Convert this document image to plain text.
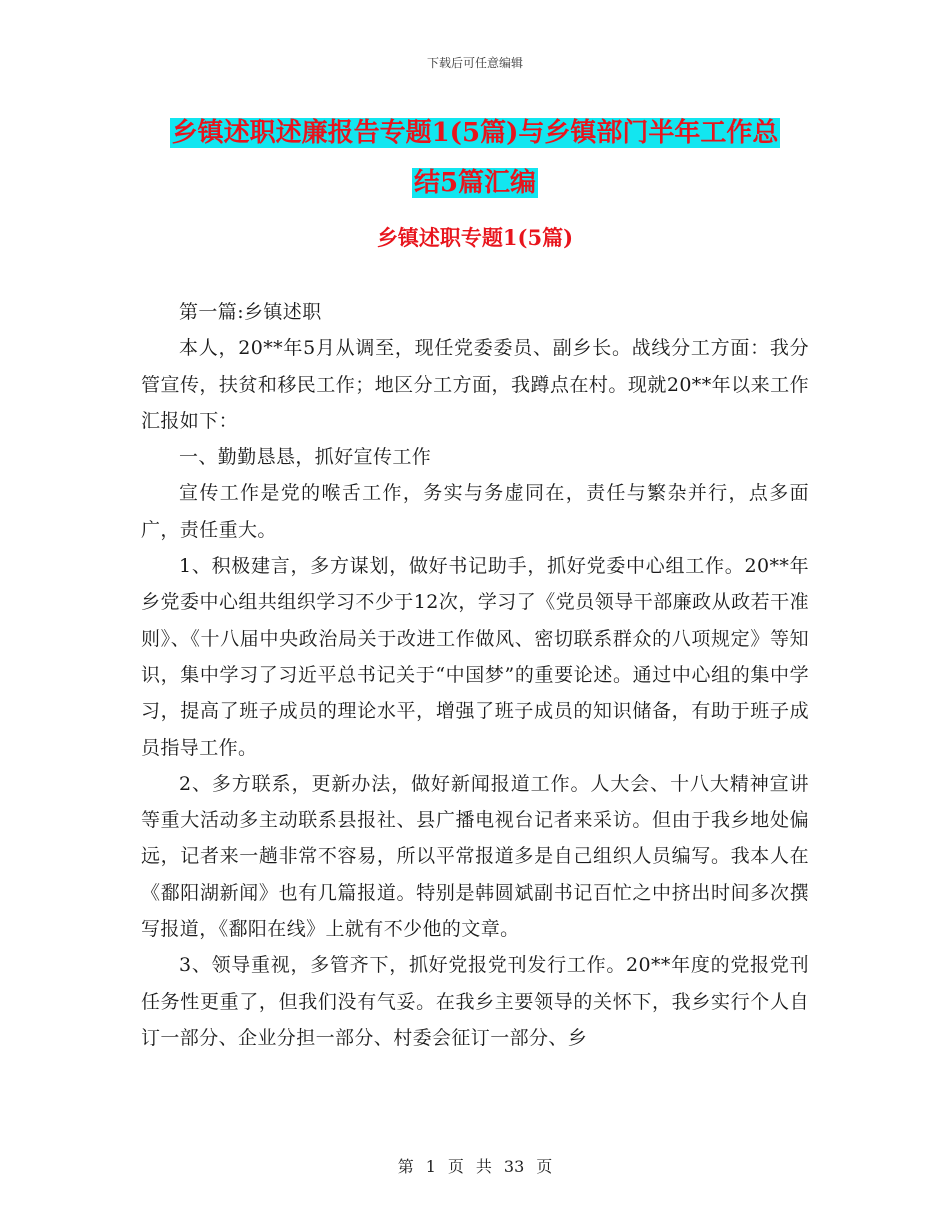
下载后可任意编辑
乡镇述职述廉报告专题1(5篇)与乡镇部门半年工作总
结5篇汇编
乡镇述职专题1(5篇)

第一篇:乡镇述职

本人，20**年5月从调至，现任党委委员、副乡长。战线分工方面：我分管宣传，扶贫和移民工作；地区分工方面，我蹲点在村。现就20**年以来工作汇报如下：

一、勤勤恳恳，抓好宣传工作

宣传工作是党的喉舌工作，务实与务虚同在，责任与繁杂并行，点多面广，责任重大。

1、积极建言，多方谋划，做好书记助手，抓好党委中心组工作。20**年乡党委中心组共组织学习不少于12次，学习了《党员领导干部廉政从政若干准则》、《十八届中央政治局关于改进工作做风、密切联系群众的八项规定》等知识，集中学习了习近平总书记关于“中国梦”的重要论述。通过中心组的集中学习，提高了班子成员的理论水平，增强了班子成员的知识储备，有助于班子成员指导工作。

2、多方联系，更新办法，做好新闻报道工作。人大会、十八大精神宣讲等重大活动多主动联系县报社、县广播电视台记者来采访。但由于我乡地处偏远，记者来一趟非常不容易，所以平常报道多是自己组织人员编写。我本人在《鄱阳湖新闻》也有几篇报道。特别是韩圆斌副书记百忙之中挤出时间多次撰写报道，《鄱阳在线》上就有不少他的文章。

3、领导重视，多管齐下，抓好党报党刊发行工作。20**年度的党报党刊任务性更重了，但我们没有气妥。在我乡主要领导的关怀下，我乡实行个人自订一部分、企业分担一部分、村委会征订一部分、乡

第 1 页 共 33 页
